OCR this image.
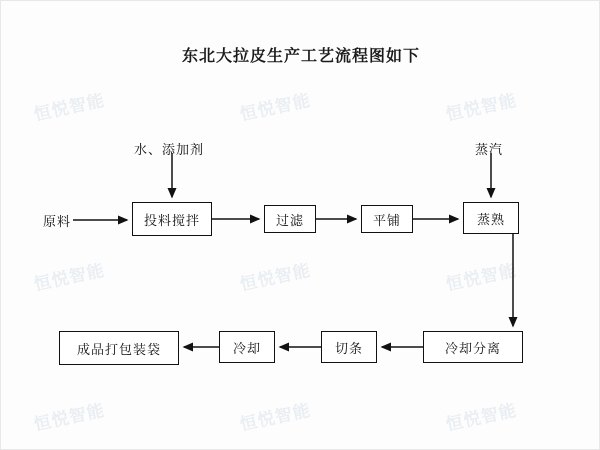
恒悦智能	恒悦智能	恒悦智能
恒悦智能	恒悦智能	恒悦智能
恒悦智能	恒悦智能	恒悦智能
东北大拉皮生产工艺流程图如下
原料
水、添加剂	蒸汽
投料搅拌	过滤	平铺	蒸熟
冷却分离
切条
冷却
成品打包装袋
